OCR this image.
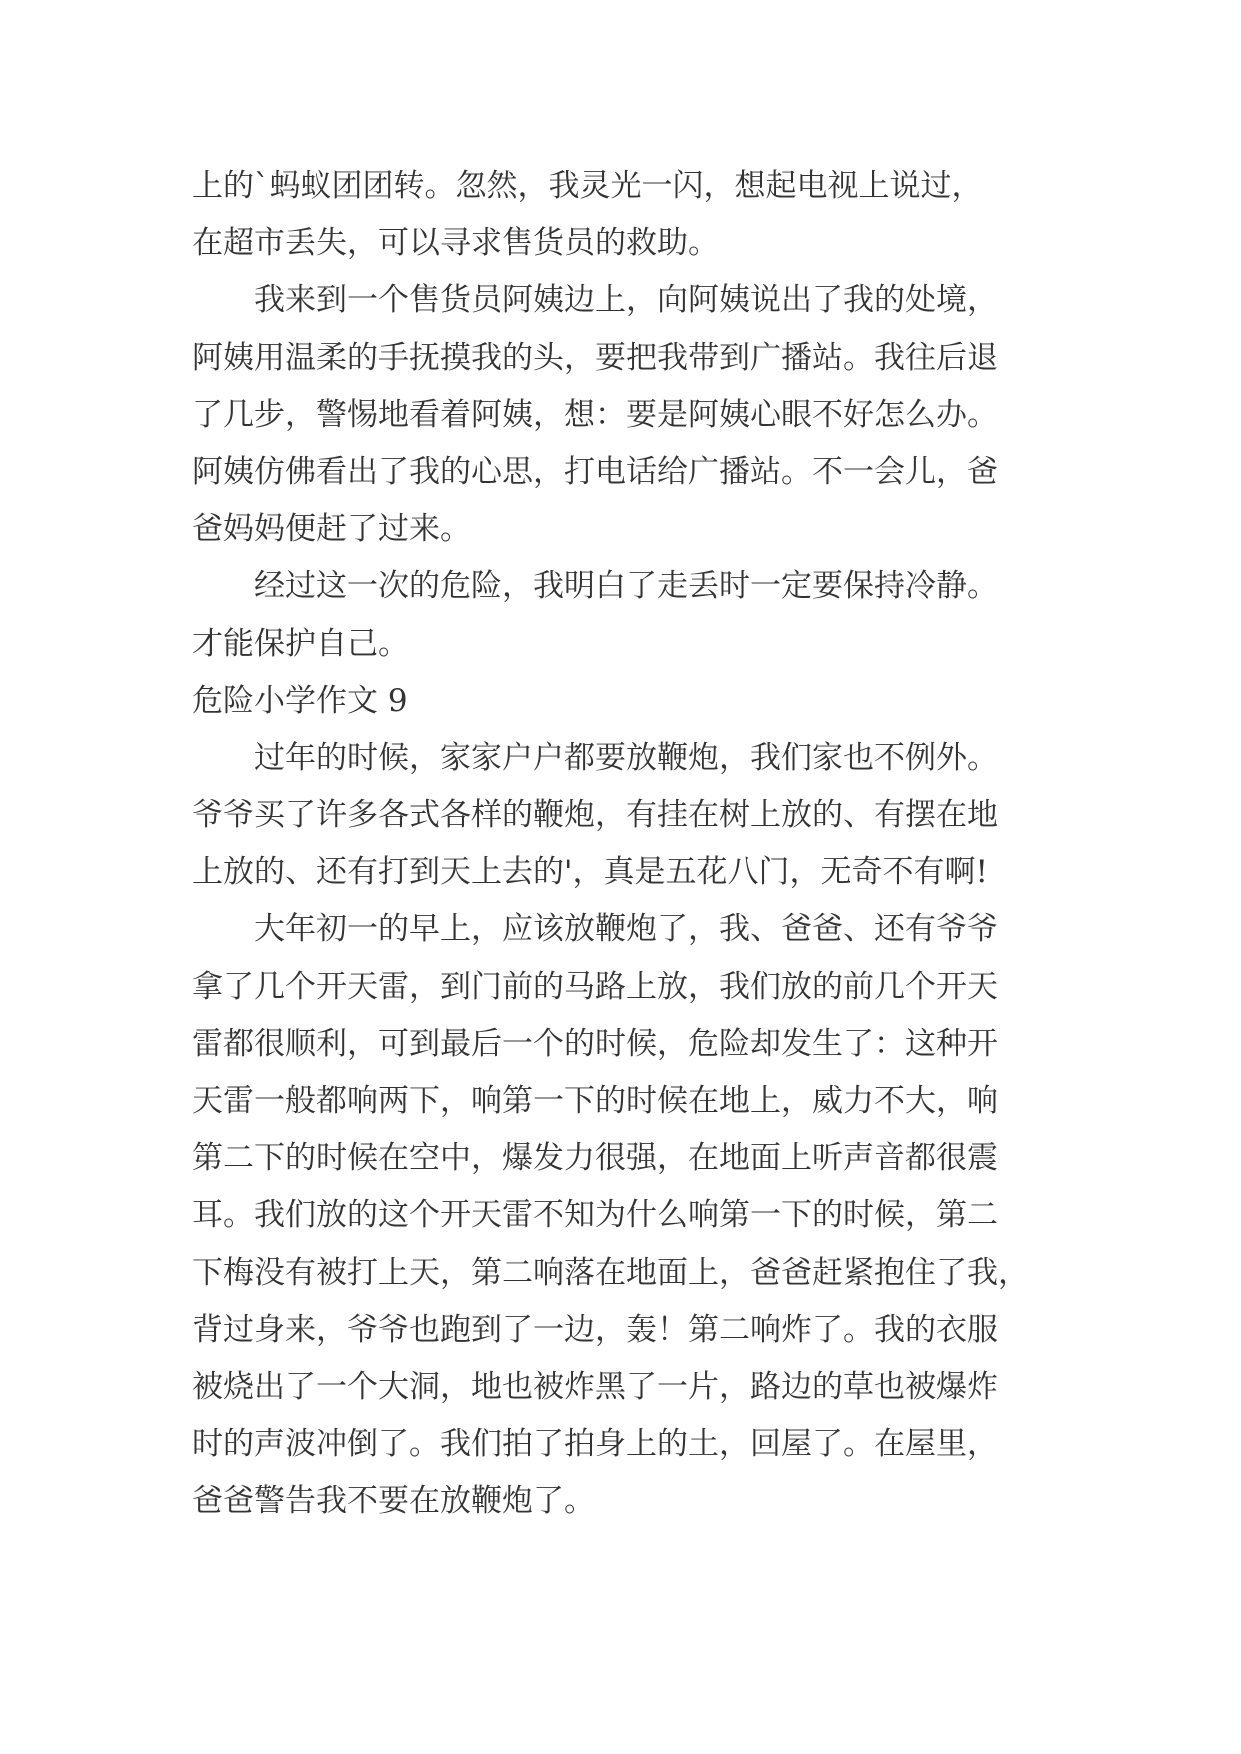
上的`蚂蚁团团转。忽然，我灵光一闪，想起电视上说过，
在超市丢失，可以寻求售货员的救助。
　　我来到一个售货员阿姨边上，向阿姨说出了我的处境，
阿姨用温柔的手抚摸我的头，要把我带到广播站。我往后退
了几步，警惕地看着阿姨，想：要是阿姨心眼不好怎么办。
阿姨仿佛看出了我的心思，打电话给广播站。不一会儿，爸
爸妈妈便赶了过来。
　　经过这一次的危险，我明白了走丢时一定要保持冷静。
才能保护自己。
危险小学作文 9
　　过年的时候，家家户户都要放鞭炮，我们家也不例外。
爷爷买了许多各式各样的鞭炮，有挂在树上放的、有摆在地
上放的、还有打到天上去的'，真是五花八门，无奇不有啊!
　　大年初一的早上，应该放鞭炮了，我、爸爸、还有爷爷
拿了几个开天雷，到门前的马路上放，我们放的前几个开天
雷都很顺利，可到最后一个的时候，危险却发生了：这种开
天雷一般都响两下，响第一下的时候在地上，威力不大，响
第二下的时候在空中，爆发力很强，在地面上听声音都很震
耳。我们放的这个开天雷不知为什么响第一下的时候，第二
下梅没有被打上天，第二响落在地面上，爸爸赶紧抱住了我，
背过身来，爷爷也跑到了一边，轰！第二响炸了。我的衣服
被烧出了一个大洞，地也被炸黑了一片，路边的草也被爆炸
时的声波冲倒了。我们拍了拍身上的土，回屋了。在屋里，
爸爸警告我不要在放鞭炮了。
